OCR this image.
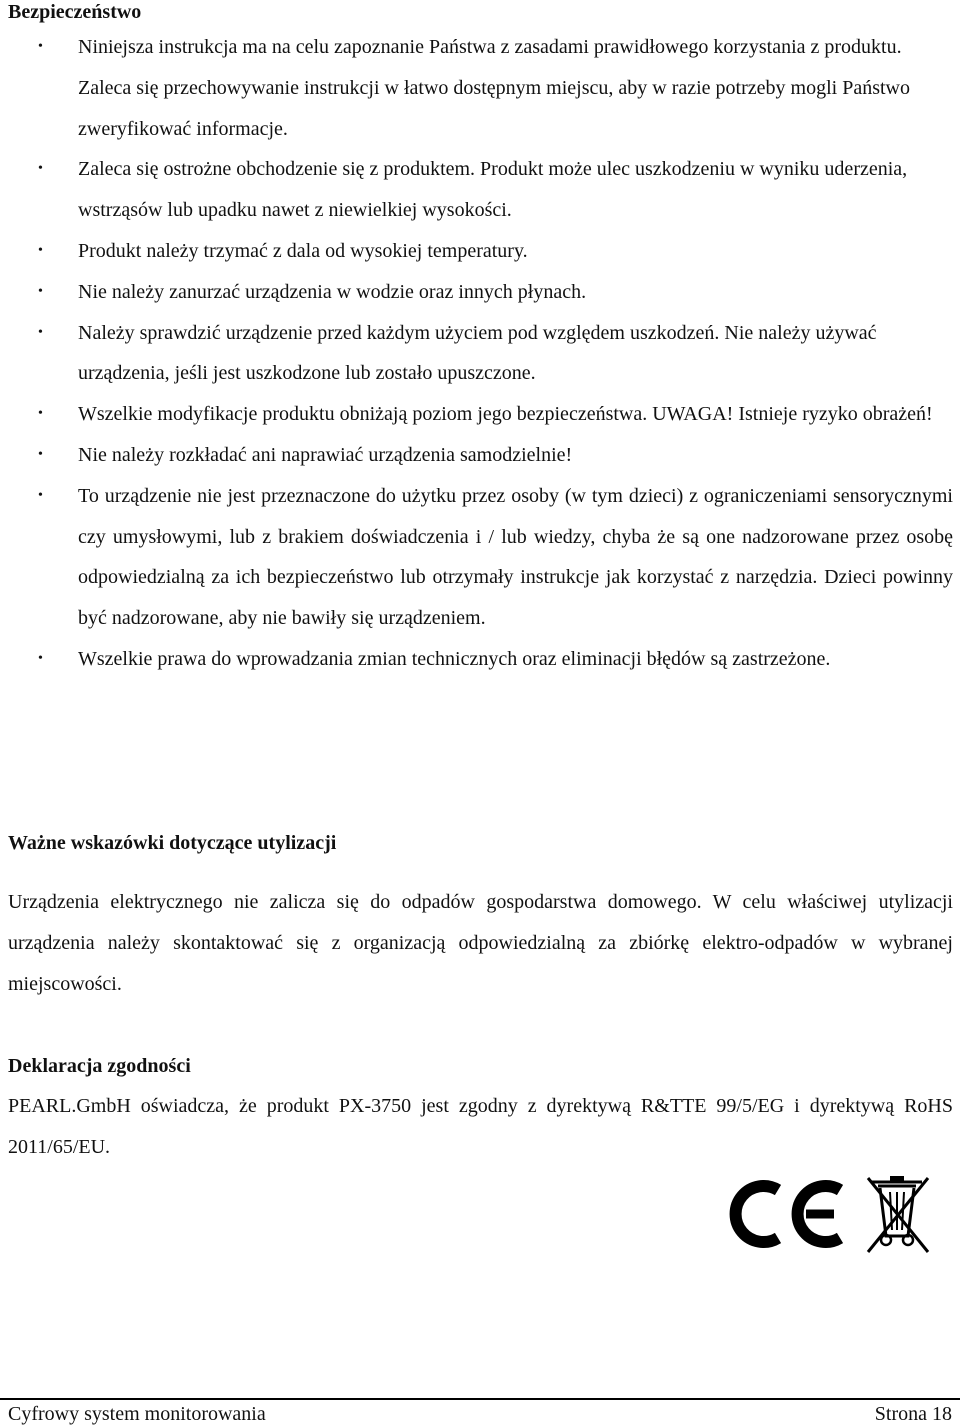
Bezpieczeństwo
• Niniejsza instrukcja ma na celu zapoznanie Państwa z zasadami prawidłowego korzystania z produktu. Zaleca się przechowywanie instrukcji w łatwo dostępnym miejscu, aby w razie potrzeby mogli Państwo zweryfikować informacje.
• Zaleca się ostrożne obchodzenie się z produktem. Produkt może ulec uszkodzeniu w wyniku uderzenia, wstrząsów lub upadku nawet z niewielkiej wysokości.
• Produkt należy trzymać z dala od wysokiej temperatury.
• Nie należy zanurzać urządzenia w wodzie oraz innych płynach.
• Należy sprawdzić urządzenie przed każdym użyciem pod względem uszkodzeń. Nie należy używać urządzenia, jeśli jest uszkodzone lub zostało upuszczone.
• Wszelkie modyfikacje produktu obniżają poziom jego bezpieczeństwa. UWAGA! Istnieje ryzyko obrażeń!
• Nie należy rozkładać ani naprawiać urządzenia samodzielnie!
• To urządzenie nie jest przeznaczone do użytku przez osoby (w tym dzieci) z ograniczeniami sensorycznymi czy umysłowymi, lub z brakiem doświadczenia i / lub wiedzy, chyba że są one nadzorowane przez osobę odpowiedzialną za ich bezpieczeństwo lub otrzymały instrukcje jak korzystać z narzędzia. Dzieci powinny być nadzorowane, aby nie bawiły się urządzeniem.
• Wszelkie prawa do wprowadzania zmian technicznych oraz eliminacji błędów są zastrzeżone.
Ważne wskazówki dotyczące utylizacji

Urządzenia elektrycznego nie zalicza się do odpadów gospodarstwa domowego. W celu właściwej utylizacji urządzenia należy skontaktować się z organizacją odpowiedzialną za zbiórkę elektro-odpadów w wybranej miejscowości.

Deklaracja zgodności

PEARL.GmbH oświadcza, że produkt PX-3750 jest zgodny z dyrektywą R&TTE 99/5/EG i dyrektywą RoHS 2011/65/EU.

Cyfrowy system monitorowania	Strona 18
